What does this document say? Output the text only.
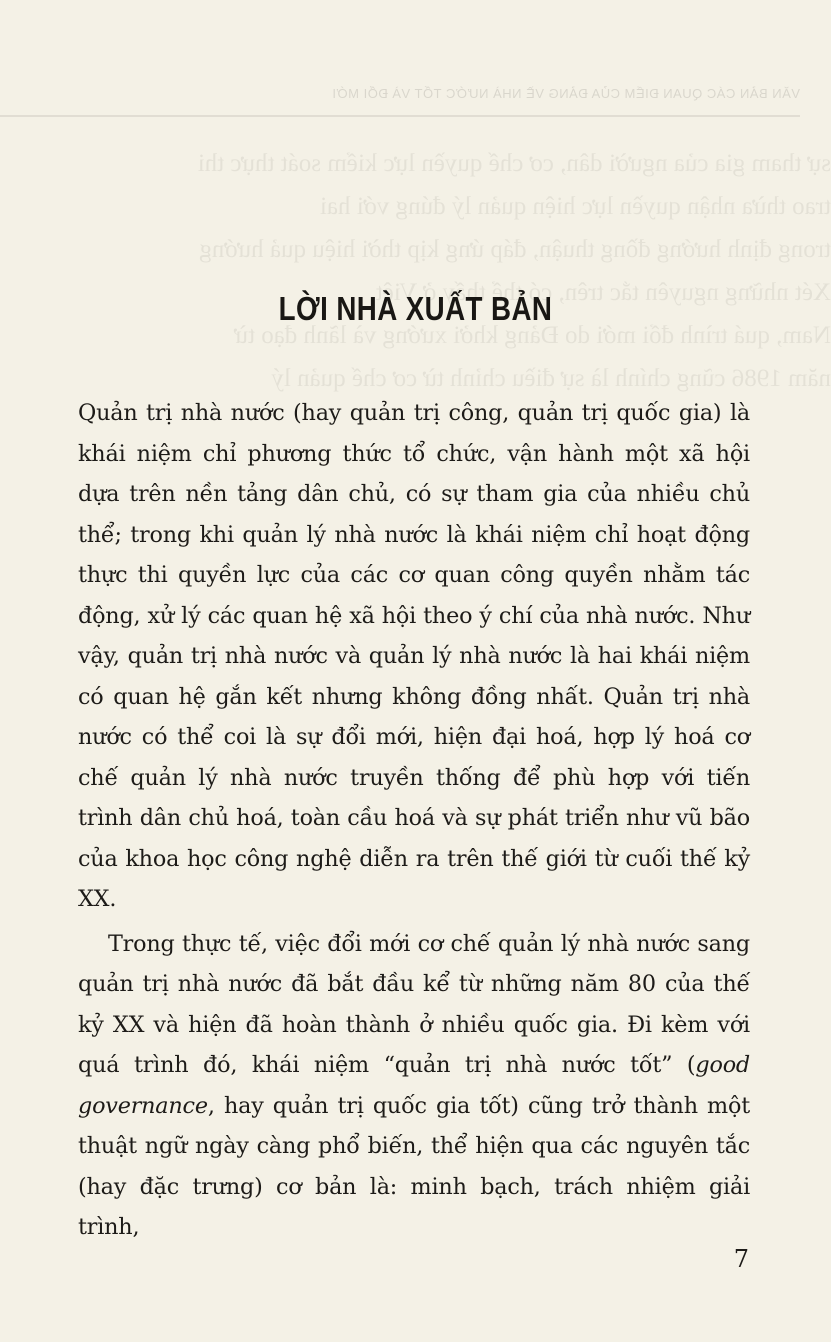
VĂN BẢN CÁC QUAN ĐIỂM CỦA ĐẢNG VỀ NHÀ NƯỚC TỐT VÀ ĐỔI MỚI
sự tham gia của người dân, cơ chế quyền lực kiểm soát thực thi
trao thừa nhận quyền lực hiện quản lý đúng với hai
trong định hướng đồng thuận, đáp ứng kịp thời hiệu quả hướng
Xét những nguyên tắc trên, có thể thấy ở Việt
Nam, quá trình đổi mới do Đảng khởi xướng và lãnh đạo từ
năm 1986 cũng chính là sự điều chỉnh từ cơ chế quản lý
LỜI NHÀ XUẤT BẢN

Quản trị nhà nước (hay quản trị công, quản trị quốc gia) là khái niệm chỉ phương thức tổ chức, vận hành một xã hội dựa trên nền tảng dân chủ, có sự tham gia của nhiều chủ thể; trong khi quản lý nhà nước là khái niệm chỉ hoạt động thực thi quyền lực của các cơ quan công quyền nhằm tác động, xử lý các quan hệ xã hội theo ý chí của nhà nước. Như vậy, quản trị nhà nước và quản lý nhà nước là hai khái niệm có quan hệ gắn kết nhưng không đồng nhất. Quản trị nhà nước có thể coi là sự đổi mới, hiện đại hoá, hợp lý hoá cơ chế quản lý nhà nước truyền thống để phù hợp với tiến trình dân chủ hoá, toàn cầu hoá và sự phát triển như vũ bão của khoa học công nghệ diễn ra trên thế giới từ cuối thế kỷ XX.

Trong thực tế, việc đổi mới cơ chế quản lý nhà nước sang quản trị nhà nước đã bắt đầu kể từ những năm 80 của thế kỷ XX và hiện đã hoàn thành ở nhiều quốc gia. Đi kèm với quá trình đó, khái niệm “quản trị nhà nước tốt” (good governance, hay quản trị quốc gia tốt) cũng trở thành một thuật ngữ ngày càng phổ biến, thể hiện qua các nguyên tắc (hay đặc trưng) cơ bản là: minh bạch, trách nhiệm giải trình,

7
